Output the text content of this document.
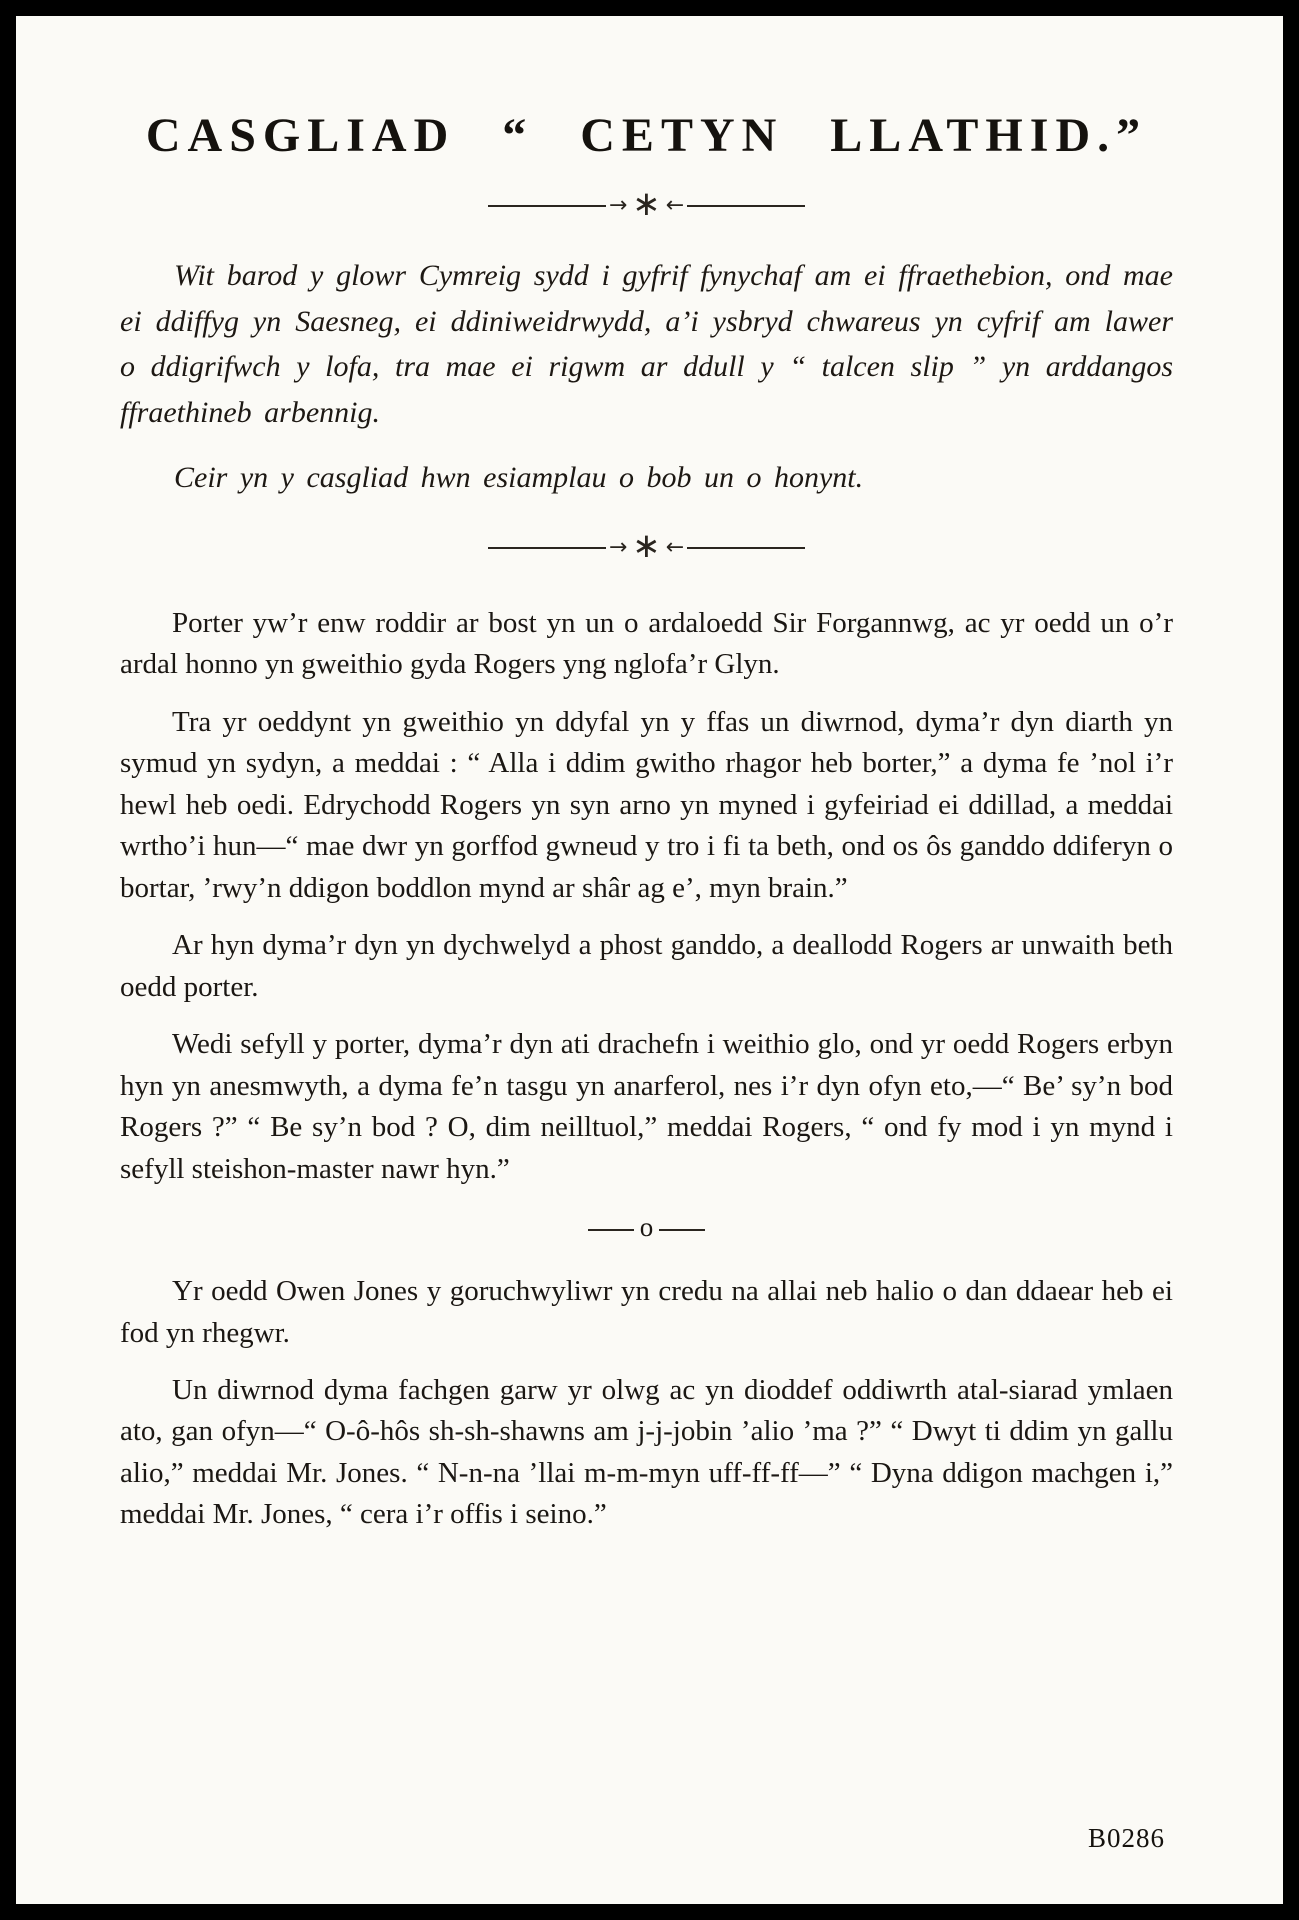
CASGLIAD “ CETYN LLATHID.”
→ ∗ ←

Wit barod y glowr Cymreig sydd i gyfrif fynychaf am ei ffraethebion, ond mae ei ddiffyg yn Saesneg, ei ddiniweidrwydd, a’i ysbryd chwareus yn cyfrif am lawer o ddigrifwch y lofa, tra mae ei rigwm ar ddull y “ talcen slip ” yn arddangos ffraethineb arbennig.

Ceir yn y casgliad hwn esiamplau o bob un o honynt.

→ ∗ ←

Porter yw’r enw roddir ar bost yn un o ardaloedd Sir Forgannwg, ac yr oedd un o’r ardal honno yn gweithio gyda Rogers yng nglofa’r Glyn.

Tra yr oeddynt yn gweithio yn ddyfal yn y ffas un diwrnod, dyma’r dyn diarth yn symud yn sydyn, a meddai : “ Alla i ddim gwitho rhagor heb borter,” a dyma fe ’nol i’r hewl heb oedi. Edrychodd Rogers yn syn arno yn myned i gyfeiriad ei ddillad, a meddai wrtho’i hun—“ mae dwr yn gorffod gwneud y tro i fi ta beth, ond os ôs ganddo ddiferyn o bortar, ’rwy’n ddigon boddlon mynd ar shâr ag e’, myn brain.”

Ar hyn dyma’r dyn yn dychwelyd a phost ganddo, a deallodd Rogers ar unwaith beth oedd porter.

Wedi sefyll y porter, dyma’r dyn ati drachefn i weithio glo, ond yr oedd Rogers erbyn hyn yn anesmwyth, a dyma fe’n tasgu yn anarferol, nes i’r dyn ofyn eto,—“ Be’ sy’n bod Rogers ?” “ Be sy’n bod ? O, dim neilltuol,” meddai Rogers, “ ond fy mod i yn mynd i sefyll steishon-master nawr hyn.”

o

Yr oedd Owen Jones y goruchwyliwr yn credu na allai neb halio o dan ddaear heb ei fod yn rhegwr.

Un diwrnod dyma fachgen garw yr olwg ac yn dioddef oddiwrth atal-siarad ymlaen ato, gan ofyn—“ O-ô-hôs sh-sh-shawns am j-j-jobin ’alio ’ma ?” “ Dwyt ti ddim yn gallu alio,” meddai Mr. Jones. “ N-n-na ’llai m-m-myn uff-ff-ff—” “ Dyna ddigon machgen i,” meddai Mr. Jones, “ cera i’r offis i seino.”

B0286
